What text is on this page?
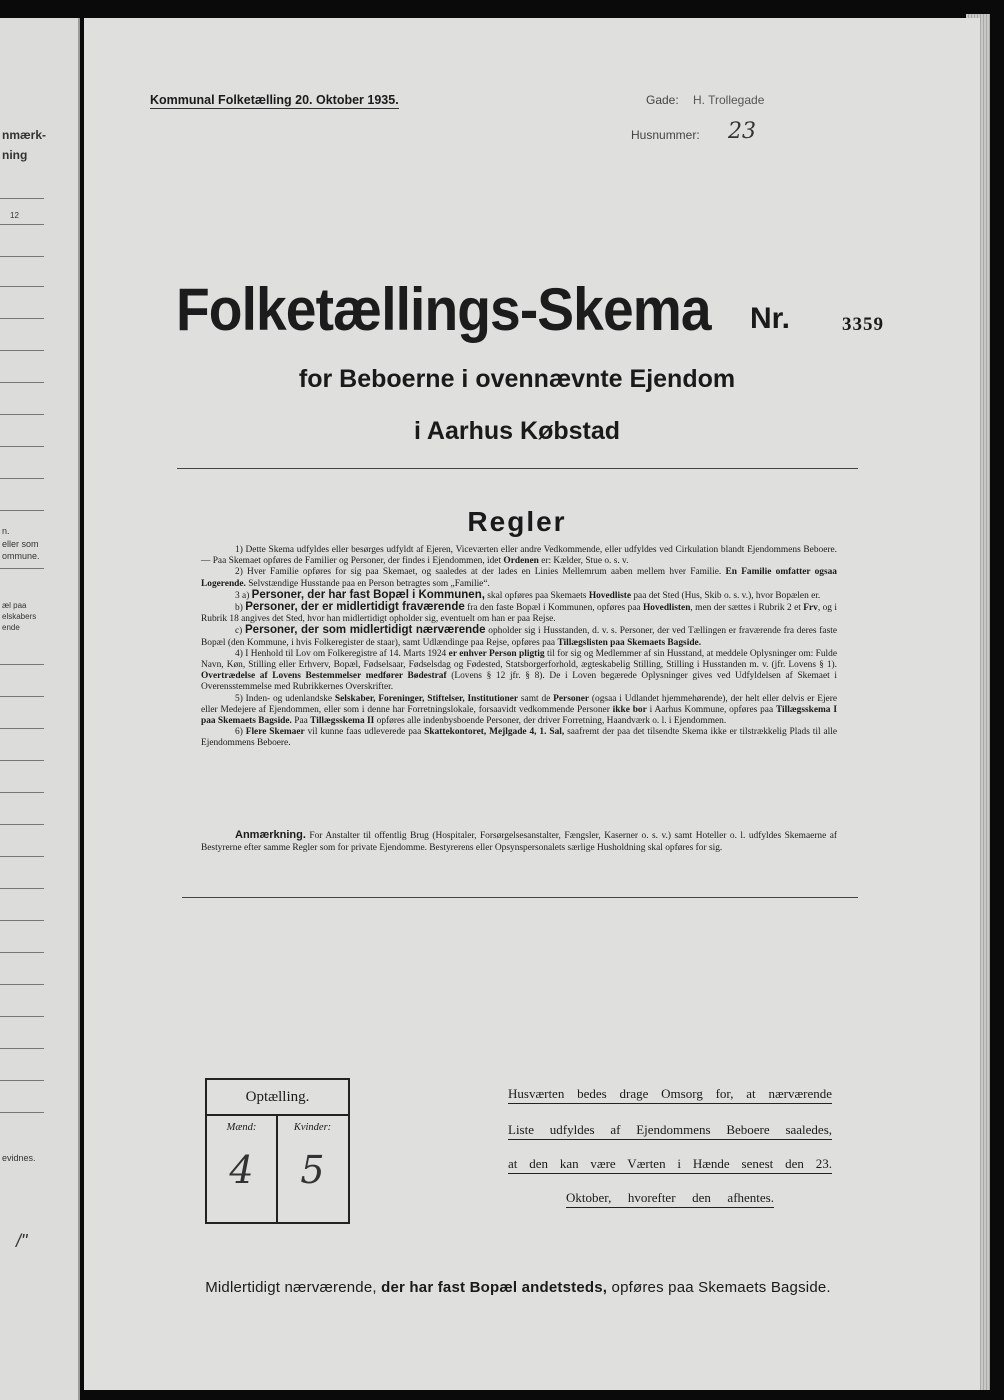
nmærk-
ning
12
n.
eller som
ommune.
æl paa
elskabers
ende
evidnes.
/"
Kommunal Folketælling 20. Oktober 1935.	Gade: H. Trollegade
Husnummer: 23
Folketællings-Skema Nr.	3359
for Beboerne i ovennævnte Ejendom
i Aarhus Købstad
Regler

1) Dette Skema udfyldes eller besørges udfyldt af Ejeren, Viceværten eller andre Vedkommende, eller udfyldes ved Cirkulation blandt Ejendommens Beboere. — Paa Skemaet opføres de Familier og Personer, der findes i Ejendommen, idet Ordenen er: Kælder, Stue o. s. v.

2) Hver Familie opføres for sig paa Skemaet, og saaledes at der lades en Linies Mellemrum aaben mellem hver Familie. En Familie omfatter ogsaa Logerende. Selvstændige Husstande paa en Person betragtes som „Familie“.

3 a) Personer, der har fast Bopæl i Kommunen, skal opføres paa Skemaets Hovedliste paa det Sted (Hus, Skib o. s. v.), hvor Bopælen er.

b) Personer, der er midlertidigt fraværende fra den faste Bopæl i Kommunen, opføres paa Hovedlisten, men der sættes i Rubrik 2 et Frv, og i Rubrik 18 angives det Sted, hvor han midlertidigt opholder sig, eventuelt om han er paa Rejse.

c) Personer, der som midlertidigt nærværende opholder sig i Husstanden, d. v. s. Personer, der ved Tællingen er fraværende fra deres faste Bopæl (den Kommune, i hvis Folkeregister de staar), samt Udlændinge paa Rejse, opføres paa Tillægslisten paa Skemaets Bagside.

4) I Henhold til Lov om Folkeregistre af 14. Marts 1924 er enhver Person pligtig til for sig og Medlemmer af sin Husstand, at meddele Oplysninger om: Fulde Navn, Køn, Stilling eller Erhverv, Bopæl, Fødselsaar, Fødselsdag og Fødested, Statsborgerforhold, ægteskabelig Stilling, Stilling i Husstanden m. v. (jfr. Lovens § 1). Overtrædelse af Lovens Bestemmelser medfører Bødestraf (Lovens § 12 jfr. § 8). De i Loven begærede Oplysninger gives ved Udfyldelsen af Skemaet i Overensstemmelse med Rubrikkernes Overskrifter.

5) Inden- og udenlandske Selskaber, Foreninger, Stiftelser, Institutioner samt de Personer (ogsaa i Udlandet hjemmehørende), der helt eller delvis er Ejere eller Medejere af Ejendommen, eller som i denne har Forretningslokale, forsaavidt vedkommende Personer ikke bor i Aarhus Kommune, opføres paa Tillægsskema I paa Skemaets Bagside. Paa Tillægsskema II opføres alle indenbysboende Personer, der driver Forretning, Haandværk o. l. i Ejendommen.

6) Flere Skemaer vil kunne faas udleverede paa Skattekontoret, Mejlgade 4, 1. Sal, saafremt der paa det tilsendte Skema ikke er tilstrækkelig Plads til alle Ejendommens Beboere.

Anmærkning. For Anstalter til offentlig Brug (Hospitaler, Forsørgelsesanstalter, Fængsler, Kaserner o. s. v.) samt Hoteller o. l. udfyldes Skemaerne af Bestyrerne efter samme Regler som for private Ejendomme. Bestyrerens eller Opsynspersonalets særlige Husholdning skal opføres for sig.

Optælling.
Mænd:	Kvinder:
4	5
Husværten bedes drage Omsorg for, at nærværende
Liste udfyldes af Ejendommens Beboere saaledes,
at den kan være Værten i Hænde senest den 23.
Oktober, hvorefter den afhentes.
Midlertidigt nærværende, der har fast Bopæl andetsteds, opføres paa Skemaets Bagside.
